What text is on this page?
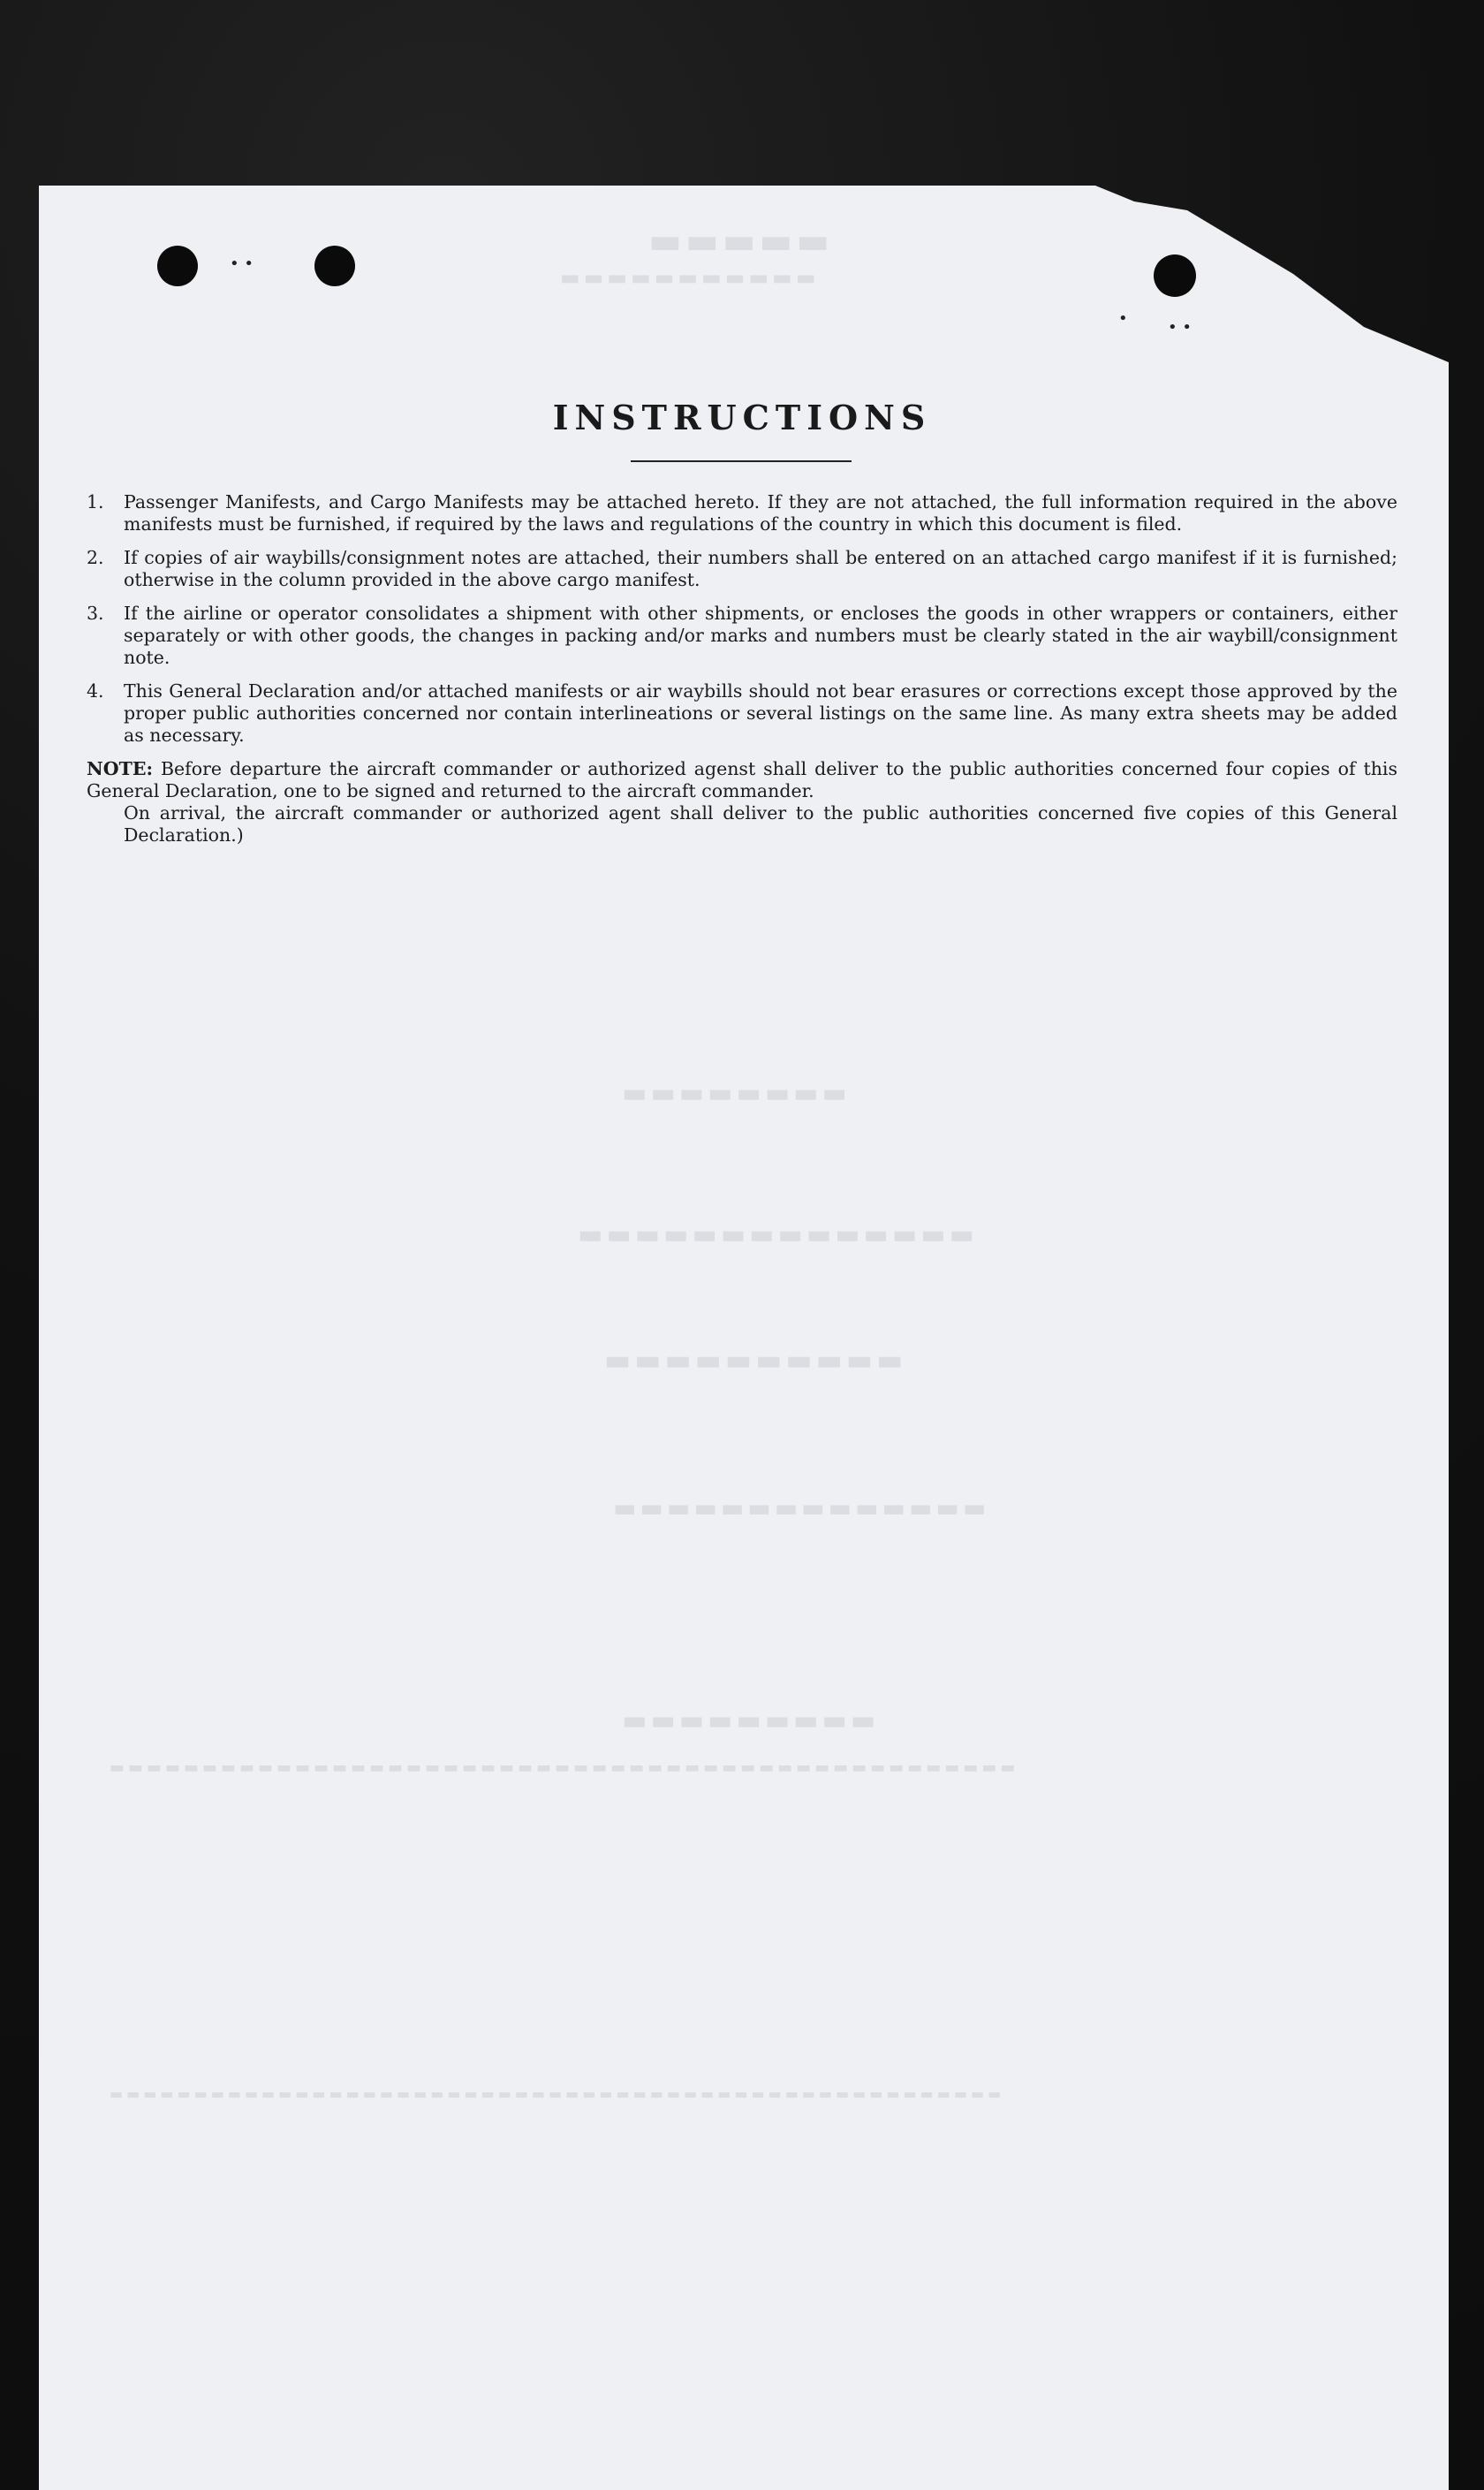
• •
•	• •
▬▬▬▬▬
▬▬▬▬▬▬▬▬▬▬▬
▬▬▬▬▬▬▬▬
▬▬▬▬▬▬▬▬▬▬▬▬▬▬
▬▬▬▬▬▬▬▬▬▬
▬▬▬▬▬▬▬▬▬▬▬▬▬▬
▬▬▬▬▬▬▬▬▬
▬▬▬▬▬▬▬▬▬▬▬▬▬▬▬▬▬▬▬▬▬▬▬▬▬▬▬▬▬▬▬▬▬▬▬▬▬▬▬▬▬▬▬▬▬▬▬▬▬
▬▬▬▬▬▬▬▬▬▬▬▬▬▬▬▬▬▬▬▬▬▬▬▬▬▬▬▬▬▬▬▬▬▬▬▬▬▬▬▬▬▬▬▬▬▬▬▬▬▬▬▬▬
INSTRUCTIONS
1. Passenger Manifests, and Cargo Manifests may be attached hereto. If they are not attached, the full information required in the above manifests must be furnished, if required by the laws and regulations of the country in which this document is filed.
2. If copies of air waybills/consignment notes are attached, their numbers shall be entered on an attached cargo manifest if it is furnished; otherwise in the column provided in the above cargo manifest.
3. If the airline or operator consolidates a shipment with other shipments, or encloses the goods in other wrappers or containers, either separately or with other goods, the changes in packing and/or marks and numbers must be clearly stated in the air waybill/consignment note.
4. This General Declaration and/or attached manifests or air waybills should not bear erasures or corrections except those approved by the proper public authorities concerned nor contain interlineations or several listings on the same line. As many extra sheets may be added as necessary.
NOTE: Before departure the aircraft commander or authorized agenst shall deliver to the public authorities concerned four copies of this General Declaration, one to be signed and returned to the aircraft commander.
On arrival, the aircraft commander or authorized agent shall deliver to the public authorities concerned five copies of this General Declaration.)
